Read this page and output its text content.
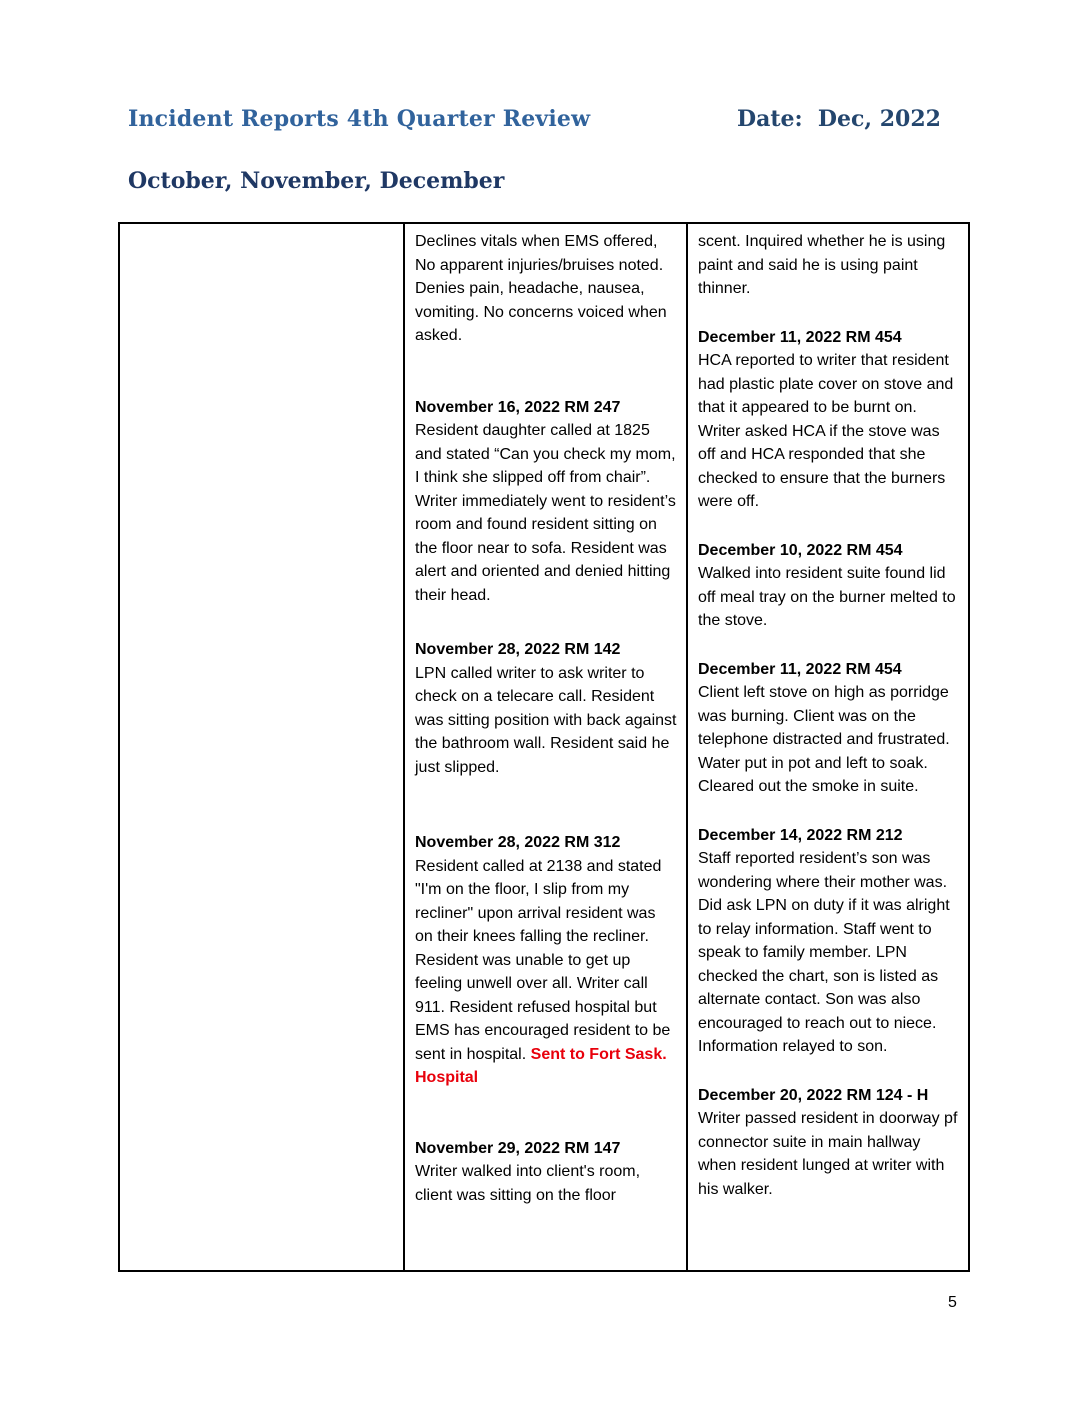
Incident Reports 4th Quarter Review	Date:  Dec, 2022
October, November, December

Declines vitals when EMS offered, No apparent injuries/bruises noted. Denies pain, headache, nausea, vomiting. No concerns voiced when asked.

November 16, 2022 RM 247

Resident daughter called at 1825 and stated “Can you check my mom, I think she slipped off from chair”. Writer immediately went to resident’s room and found resident sitting on the floor near to sofa. Resident was alert and oriented and denied hitting their head.

November 28, 2022 RM 142

LPN called writer to ask writer to check on a telecare call. Resident was sitting position with back against the bathroom wall. Resident said he just slipped.

November 28, 2022 RM 312

Resident called at 2138 and stated "I'm on the floor, I slip from my recliner" upon arrival resident was on their knees falling the recliner. Resident was unable to get up feeling unwell over all. Writer call 911. Resident refused hospital but EMS has encouraged resident to be sent in hospital. Sent to Fort Sask. Hospital

November 29, 2022 RM 147

Writer walked into client's room, client was sitting on the floor

scent. Inquired whether he is using paint and said he is using paint thinner.

December 11, 2022 RM 454

HCA reported to writer that resident had plastic plate cover on stove and that it appeared to be burnt on. Writer asked HCA if the stove was off and HCA responded that she checked to ensure that the burners were off.

December 10, 2022 RM 454

Walked into resident suite found lid off meal tray on the burner melted to the stove.

December 11, 2022 RM 454

Client left stove on high as porridge was burning. Client was on the telephone distracted and frustrated. Water put in pot and left to soak. Cleared out the smoke in suite.

December 14, 2022 RM 212

Staff reported resident’s son was wondering where their mother was. Did ask LPN on duty if it was alright to relay information. Staff went to speak to family member. LPN checked the chart, son is listed as alternate contact. Son was also encouraged to reach out to niece. Information relayed to son.

December 20, 2022 RM 124 - H

Writer passed resident in doorway pf connector suite in main hallway when resident lunged at writer with his walker.

5
